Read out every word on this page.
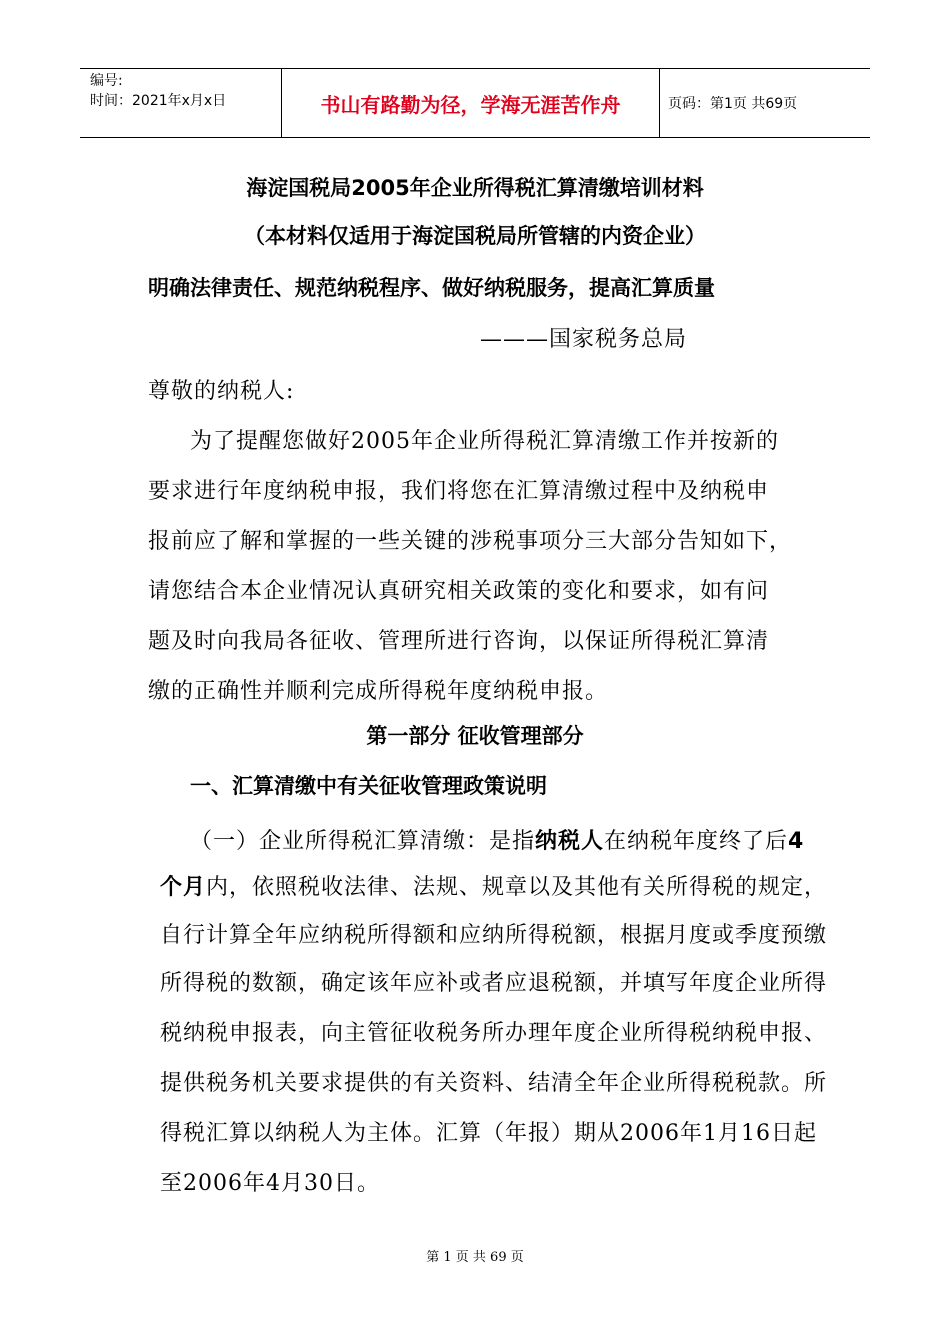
编号:
时间：2021年x月x日	书山有路勤为径，学海无涯苦作舟	页码：第1页 共69页
海淀国税局2005年企业所得税汇算清缴培训材料
（本材料仅适用于海淀国税局所管辖的内资企业）
明确法律责任、规范纳税程序、做好纳税服务，提高汇算质量
———国家税务总局
尊敬的纳税人:
为了提醒您做好2005年企业所得税汇算清缴工作并按新的
要求进行年度纳税申报，我们将您在汇算清缴过程中及纳税申
报前应了解和掌握的一些关键的涉税事项分三大部分告知如下，
请您结合本企业情况认真研究相关政策的变化和要求，如有问
题及时向我局各征收、管理所进行咨询，以保证所得税汇算清
缴的正确性并顺利完成所得税年度纳税申报。
第一部分 征收管理部分
一、汇算清缴中有关征收管理政策说明
（一）企业所得税汇算清缴：是指纳税人在纳税年度终了后4
个月内，依照税收法律、法规、规章以及其他有关所得税的规定，
自行计算全年应纳税所得额和应纳所得税额，根据月度或季度预缴
所得税的数额，确定该年应补或者应退税额，并填写年度企业所得
税纳税申报表，向主管征收税务所办理年度企业所得税纳税申报、
提供税务机关要求提供的有关资料、结清全年企业所得税税款。所
得税汇算以纳税人为主体。汇算（年报）期从2006年1月16日起
至2006年4月30日。
第 1 页 共 69 页
